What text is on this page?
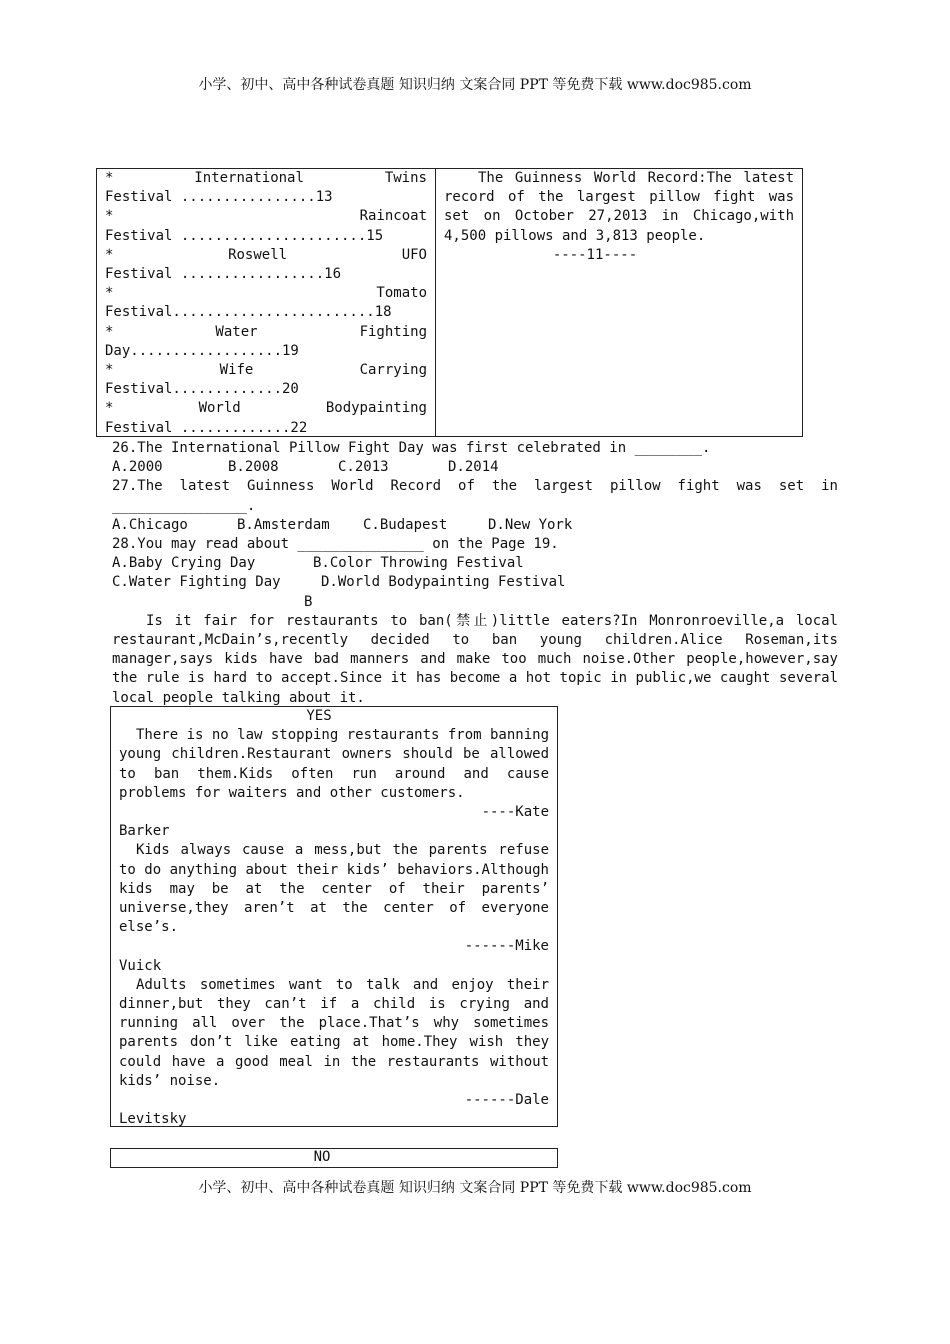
小学、初中、高中各种试卷真题 知识归纳 文案合同 PPT 等免费下载 www.doc985.com
*	International	Twins
Festival ................13
*	Raincoat
Festival ......................15
*	Roswell	UFO
Festival .................16
*	Tomato
Festival........................18
*	Water	Fighting
Day..................19
*	Wife	Carrying
Festival.............20
*	World	Bodypainting
Festival .............22
The Guinness World Record:The latest record of the largest pillow fight was set on October 27,2013 in Chicago,with 4,500 pillows and 3,813 people.
----11----
26.The International Pillow Fight Day was first celebrated in ________.
A.2000	B.2008	C.2013	D.2014
27.The latest Guinness World Record of the largest pillow fight was set in
________________.
A.Chicago	B.Amsterdam C.Budapest	D.New York
28.You may read about _______________ on the Page 19.
A.Baby Crying Day	B.Color Throwing Festival
C.Water Fighting Day	D.World Bodypainting Festival
B
Is it fair for restaurants to ban(禁止)little eaters?In Monronroeville,a local restaurant,McDain’s,recently decided to ban young children.Alice Roseman,its manager,says kids have bad manners and make too much noise.Other people,however,say the rule is hard to accept.Since it has become a hot topic in public,we caught several local people talking about it.
YES
There is no law stopping restaurants from banning young children.Restaurant owners should be allowed to ban them.Kids often run around and cause problems for waiters and other customers.
----Kate
Barker
Kids always cause a mess,but the parents refuse to do anything about their kids’ behaviors.Although kids may be at the center of their parents’ universe,they aren’t at the center of everyone else’s.
------Mike
Vuick
Adults sometimes want to talk and enjoy their dinner,but they can’t if a child is crying and running all over the place.That’s why sometimes parents don’t like eating at home.They wish they could have a good meal in the restaurants without kids’ noise.
------Dale
Levitsky
NO
小学、初中、高中各种试卷真题 知识归纳 文案合同 PPT 等免费下载 www.doc985.com
